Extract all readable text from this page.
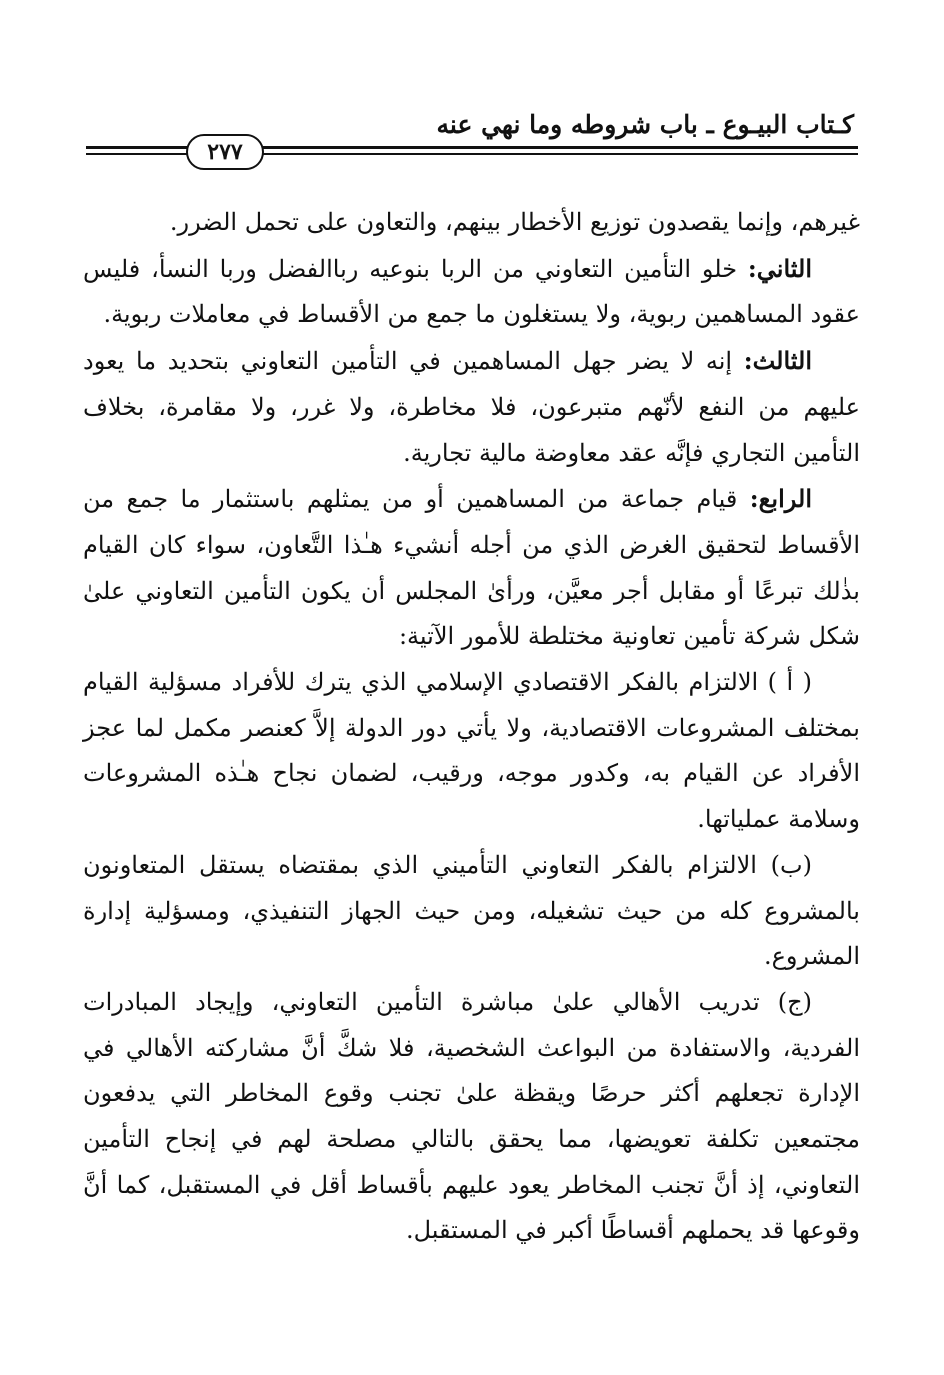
كـتاب البيـوع ـ باب شروطه وما نهي عنه
٢٧٧

غيرهم، وإنما يقصدون توزيع الأخطار بينهم، والتعاون على تحمل الضرر.

الثاني: خلو التأمين التعاوني من الربا بنوعيه رباالفضل وربا النسأ، فليس عقود المساهمين ربوية، ولا يستغلون ما جمع من الأقساط في معاملات ربوية.

الثالث: إنه لا يضر جهل المساهمين في التأمين التعاوني بتحديد ما يعود عليهم من النفع لأنّهم متبرعون، فلا مخاطرة، ولا غرر، ولا مقامرة، بخلاف التأمين التجاري فإنَّه عقد معاوضة مالية تجارية.

الرابع: قيام جماعة من المساهمين أو من يمثلهم باستثمار ما جمع من الأقساط لتحقيق الغرض الذي من أجله أنشيء هـٰذا التَّعاون، سواء كان القيام بذٰلك تبرعًا أو مقابل أجر معيَّن، ورأىٰ المجلس أن يكون التأمين التعاوني علىٰ شكل شركة تأمين تعاونية مختلطة للأمور الآتية:

( أ ) الالتزام بالفكر الاقتصادي الإسلامي الذي يترك للأفراد مسؤلية القيام بمختلف المشروعات الاقتصادية، ولا يأتي دور الدولة إلاَّ كعنصر مكمل لما عجز الأفراد عن القيام به، وكدور موجه، ورقيب، لضمان نجاح هـٰذه المشروعات وسلامة عملياتها.

(ب) الالتزام بالفكر التعاوني التأميني الذي بمقتضاه يستقل المتعاونون بالمشروع كله من حيث تشغيله، ومن حيث الجهاز التنفيذي، ومسؤلية إدارة المشروع.

(ج) تدريب الأهالي علىٰ مباشرة التأمين التعاوني، وإيجاد المبادرات الفردية، والاستفادة من البواعث الشخصية، فلا شكَّ أنَّ مشاركته الأهالي في الإدارة تجعلهم أكثر حرصًا ويقظة علىٰ تجنب وقوع المخاطر التي يدفعون مجتمعين تكلفة تعويضها، مما يحقق بالتالي مصلحة لهم في إنجاح التأمين التعاوني، إذ أنَّ تجنب المخاطر يعود عليهم بأقساط أقل في المستقبل، كما أنَّ وقوعها قد يحملهم أقساطًا أكبر في المستقبل.
